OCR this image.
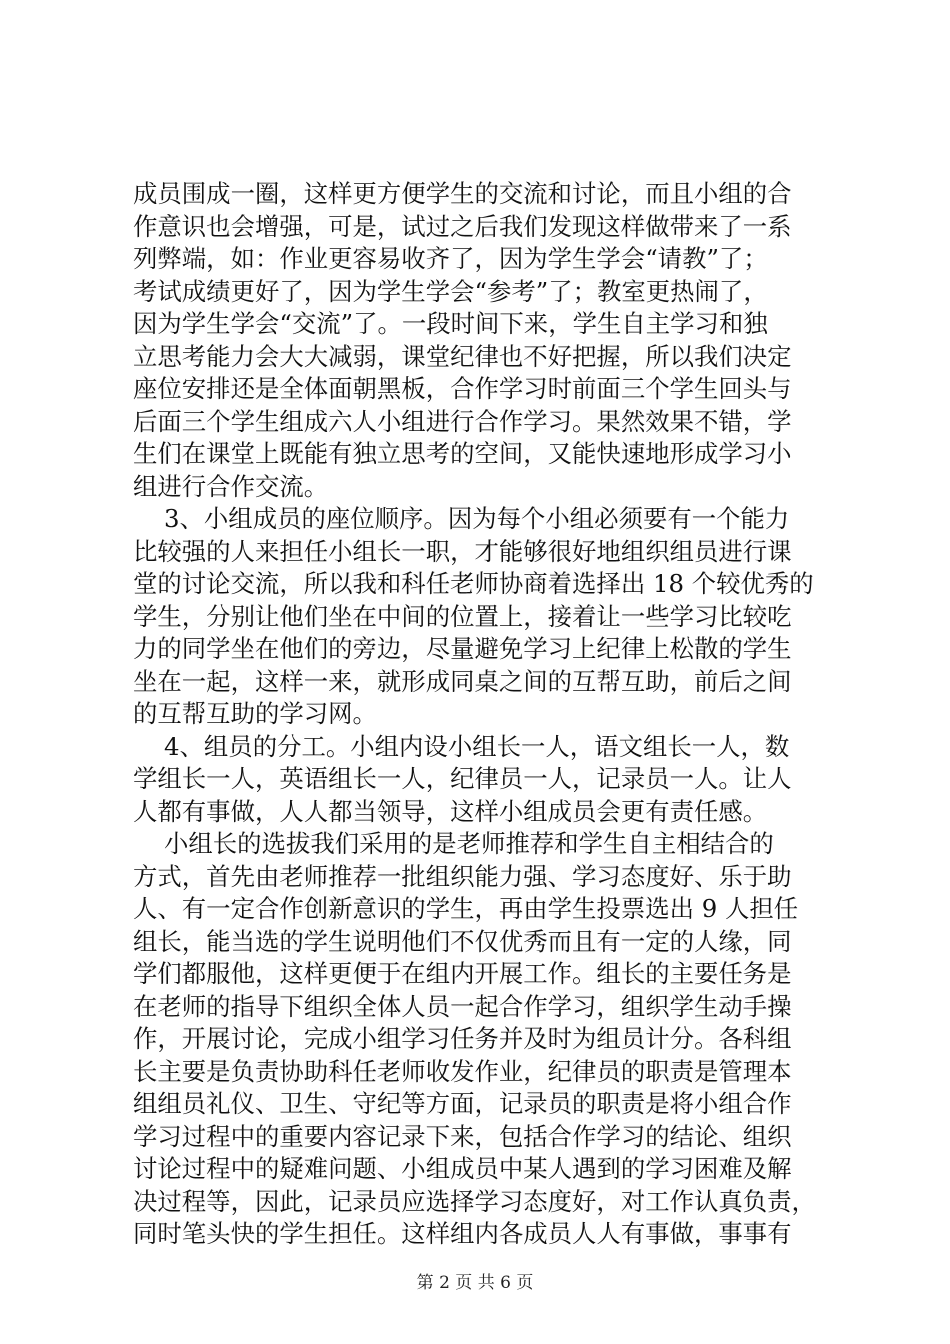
成员围成一圈，这样更方便学生的交流和讨论，而且小组的合
作意识也会增强，可是，试过之后我们发现这样做带来了一系
列弊端，如：作业更容易收齐了，因为学生学会“请教”了；
考试成绩更好了，因为学生学会“参考”了；教室更热闹了，
因为学生学会“交流”了。一段时间下来，学生自主学习和独
立思考能力会大大减弱，课堂纪律也不好把握，所以我们决定
座位安排还是全体面朝黑板，合作学习时前面三个学生回头与
后面三个学生组成六人小组进行合作学习。果然效果不错，学
生们在课堂上既能有独立思考的空间，又能快速地形成学习小
组进行合作交流。
3、小组成员的座位顺序。因为每个小组必须要有一个能力
比较强的人来担任小组长一职，才能够很好地组织组员进行课
堂的讨论交流，所以我和科任老师协商着选择出 18 个较优秀的
学生，分别让他们坐在中间的位置上，接着让一些学习比较吃
力的同学坐在他们的旁边，尽量避免学习上纪律上松散的学生
坐在一起，这样一来，就形成同桌之间的互帮互助，前后之间
的互帮互助的学习网。
4、组员的分工。小组内设小组长一人，语文组长一人，数
学组长一人，英语组长一人，纪律员一人，记录员一人。让人
人都有事做，人人都当领导，这样小组成员会更有责任感。
小组长的选拔我们采用的是老师推荐和学生自主相结合的
方式，首先由老师推荐一批组织能力强、学习态度好、乐于助
人、有一定合作创新意识的学生，再由学生投票选出 9 人担任
组长，能当选的学生说明他们不仅优秀而且有一定的人缘，同
学们都服他，这样更便于在组内开展工作。组长的主要任务是
在老师的指导下组织全体人员一起合作学习，组织学生动手操
作，开展讨论，完成小组学习任务并及时为组员计分。各科组
长主要是负责协助科任老师收发作业，纪律员的职责是管理本
组组员礼仪、卫生、守纪等方面，记录员的职责是将小组合作
学习过程中的重要内容记录下来，包括合作学习的结论、组织
讨论过程中的疑难问题、小组成员中某人遇到的学习困难及解
决过程等，因此，记录员应选择学习态度好，对工作认真负责，
同时笔头快的学生担任。这样组内各成员人人有事做，事事有
第 2 页 共 6 页
